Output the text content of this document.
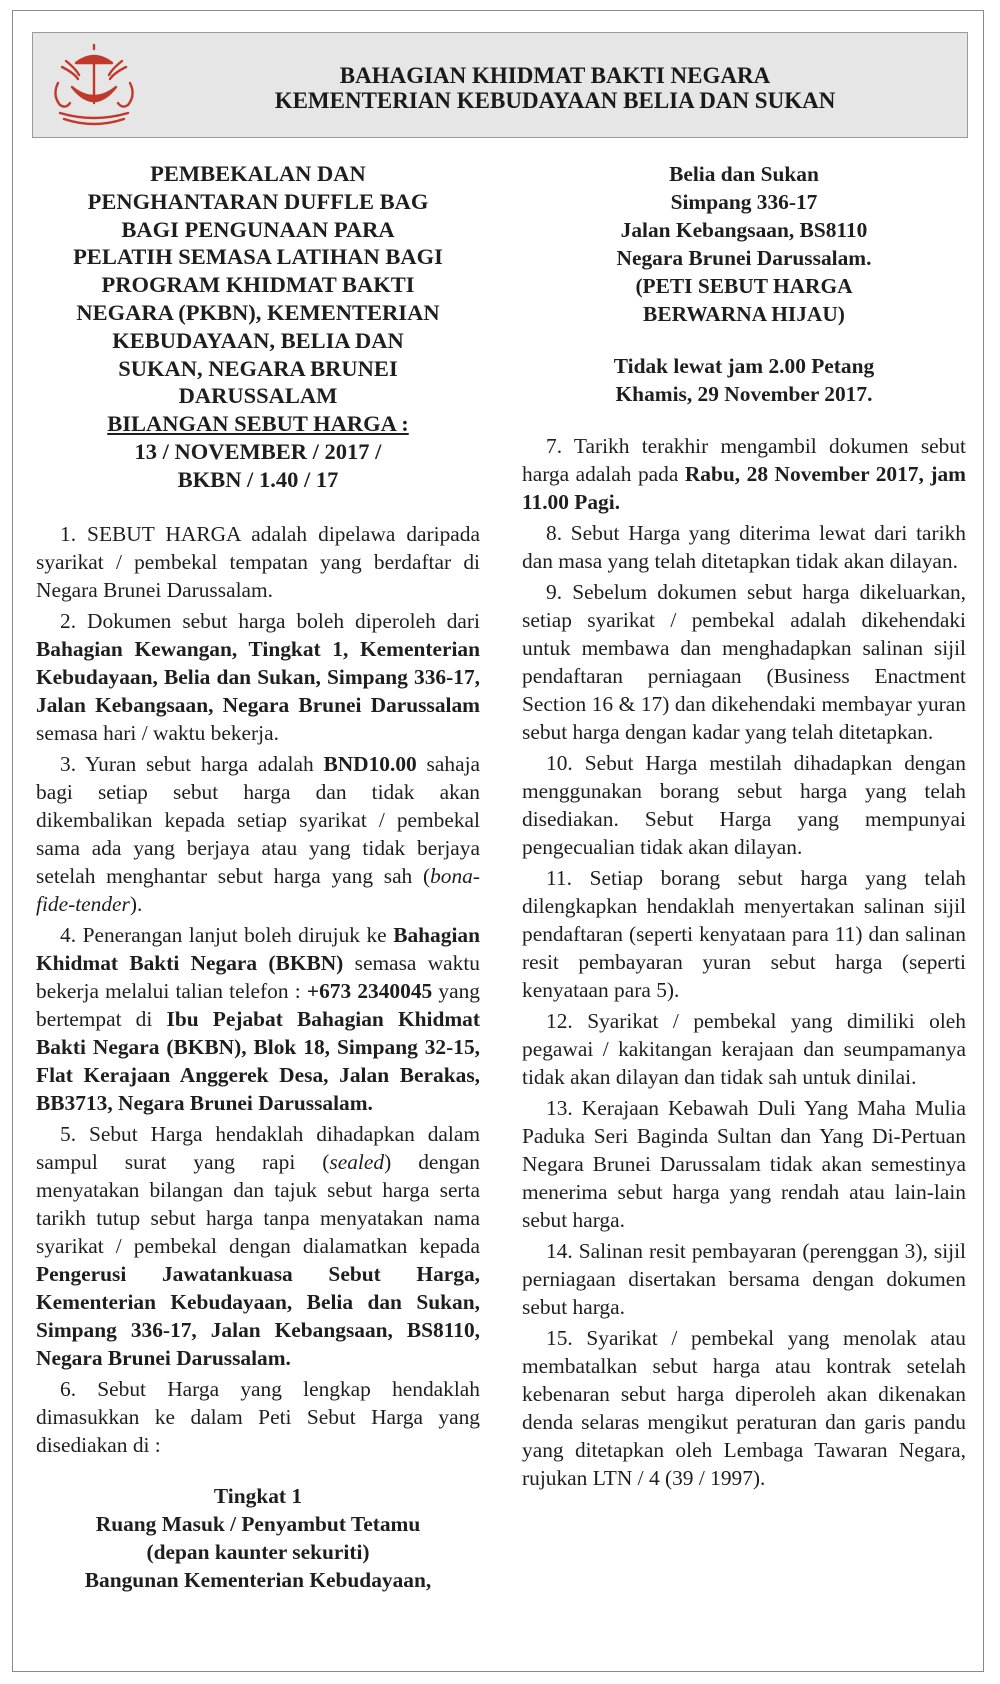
BAHAGIAN KHIDMAT BAKTI NEGARA
KEMENTERIAN KEBUDAYAAN BELIA DAN SUKAN
PEMBEKALAN DAN
PENGHANTARAN DUFFLE BAG
BAGI PENGUNAAN PARA
PELATIH SEMASA LATIHAN BAGI
PROGRAM KHIDMAT BAKTI
NEGARA (PKBN), KEMENTERIAN
KEBUDAYAAN, BELIA DAN
SUKAN, NEGARA BRUNEI
DARUSSALAM
BILANGAN SEBUT HARGA :
13 / NOVEMBER / 2017 /
BKBN / 1.40 / 17

1. SEBUT HARGA adalah dipelawa daripada syarikat / pembekal tempatan yang berdaftar di Negara Brunei Darussalam.

2. Dokumen sebut harga boleh diperoleh dari Bahagian Kewangan, Tingkat 1, Kementerian Kebudayaan, Belia dan Sukan, Simpang 336-17, Jalan Kebangsaan, Negara Brunei Darussalam semasa hari / waktu bekerja.

3. Yuran sebut harga adalah BND10.00 sahaja bagi setiap sebut harga dan tidak akan dikembalikan kepada setiap syarikat / pembekal sama ada yang berjaya atau yang tidak berjaya setelah menghantar sebut harga yang sah (bona-fide-tender).

4. Penerangan lanjut boleh dirujuk ke Bahagian Khidmat Bakti Negara (BKBN) semasa waktu bekerja melalui talian telefon : +673 2340045 yang bertempat di Ibu Pejabat Bahagian Khidmat Bakti Negara (BKBN), Blok 18, Simpang 32-15, Flat Kerajaan Anggerek Desa, Jalan Berakas, BB3713, Negara Brunei Darussalam.

5. Sebut Harga hendaklah dihadapkan dalam sampul surat yang rapi (sealed) dengan menyatakan bilangan dan tajuk sebut harga serta tarikh tutup sebut harga tanpa menyatakan nama syarikat / pembekal dengan dialamatkan kepada Pengerusi Jawatankuasa Sebut Harga, Kementerian Kebudayaan, Belia dan Sukan, Simpang 336-17, Jalan Kebangsaan, BS8110, Negara Brunei Darussalam.

6. Sebut Harga yang lengkap hendaklah dimasukkan ke dalam Peti Sebut Harga yang disediakan di :

Tingkat 1
Ruang Masuk / Penyambut Tetamu
(depan kaunter sekuriti)
Bangunan Kementerian Kebudayaan,
Belia dan Sukan
Simpang 336-17
Jalan Kebangsaan, BS8110
Negara Brunei Darussalam.
(PETI SEBUT HARGA
BERWARNA HIJAU)
Tidak lewat jam 2.00 Petang
Khamis, 29 November 2017.

7. Tarikh terakhir mengambil dokumen sebut harga adalah pada Rabu, 28 November 2017, jam 11.00 Pagi.

8. Sebut Harga yang diterima lewat dari tarikh dan masa yang telah ditetapkan tidak akan dilayan.

9. Sebelum dokumen sebut harga dikeluarkan, setiap syarikat / pembekal adalah dikehendaki untuk membawa dan menghadapkan salinan sijil pendaftaran perniagaan (Business Enactment Section 16 & 17) dan dikehendaki membayar yuran sebut harga dengan kadar yang telah ditetapkan.

10. Sebut Harga mestilah dihadapkan dengan menggunakan borang sebut harga yang telah disediakan. Sebut Harga yang mempunyai pengecualian tidak akan dilayan.

11. Setiap borang sebut harga yang telah dilengkapkan hendaklah menyertakan salinan sijil pendaftaran (seperti kenyataan para 11) dan salinan resit pembayaran yuran sebut harga (seperti kenyataan para 5).

12. Syarikat / pembekal yang dimiliki oleh pegawai / kakitangan kerajaan dan seumpamanya tidak akan dilayan dan tidak sah untuk dinilai.

13. Kerajaan Kebawah Duli Yang Maha Mulia Paduka Seri Baginda Sultan dan Yang Di-Pertuan Negara Brunei Darussalam tidak akan semestinya menerima sebut harga yang rendah atau lain-lain sebut harga.

14. Salinan resit pembayaran (perenggan 3), sijil perniagaan disertakan bersama dengan dokumen sebut harga.

15. Syarikat / pembekal yang menolak atau membatalkan sebut harga atau kontrak setelah kebenaran sebut harga diperoleh akan dikenakan denda selaras mengikut peraturan dan garis pandu yang ditetapkan oleh Lembaga Tawaran Negara, rujukan LTN / 4 (39 / 1997).
